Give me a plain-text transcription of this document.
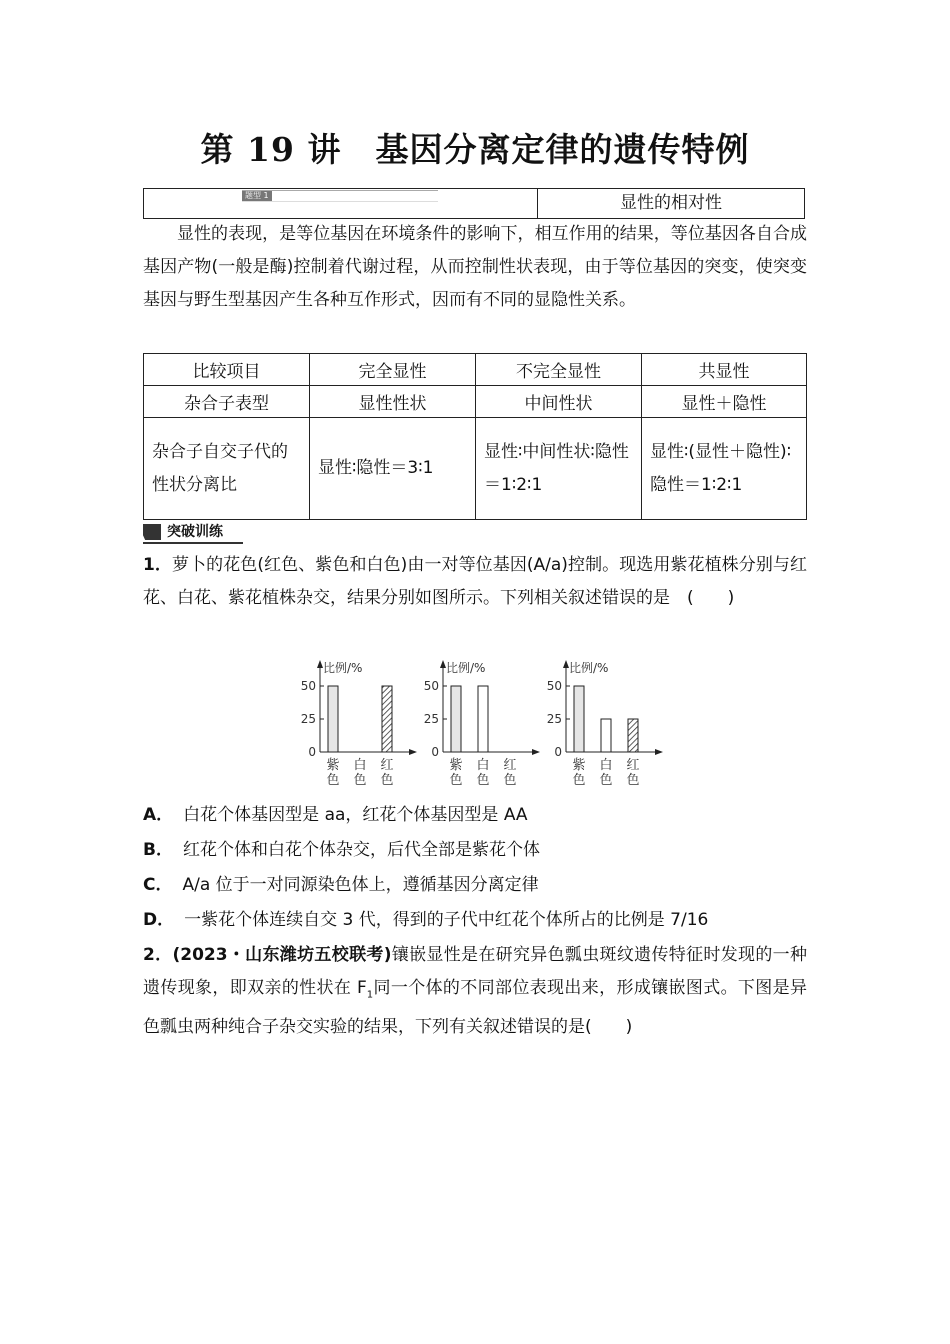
第 19 讲 基因分离定律的遗传特例
题型 1	显性的相对性
显性的表现，是等位基因在环境条件的影响下，相互作用的结果，等位基因各自合成基因产物(一般是酶)控制着代谢过程，从而控制性状表现，由于等位基因的突变，使突变基因与野生型基因产生各种互作形式，因而有不同的显隐性关系。
比较项目	完全显性	不完全显性	共显性
杂合子表型	显性性状	中间性状	显性＋隐性
杂合子自交子代的性状分离比	显性∶隐性＝3∶1	显性∶中间性状∶隐性＝1∶2∶1	显性∶(显性＋隐性)∶隐性＝1∶2∶1
突破训练
1．萝卜的花色(红色、紫色和白色)由一对等位基因(A/a)控制。现选用紫花植株分别与红花、白花、紫花植株杂交，结果分别如图所示。下列相关叙述错误的是　(　　)
比例/%
0
25
50
紫
色
白
色
红
色
比例/%
0
25
50
紫
色
白
色
红
色
比例/%
0
25
50
紫
色
白
色
红
色
A． 白花个体基因型是 aa，红花个体基因型是 AA
B． 红花个体和白花个体杂交，后代全部是紫花个体
C． A/a 位于一对同源染色体上，遵循基因分离定律
D． 一紫花个体连续自交 3 代，得到的子代中红花个体所占的比例是 7/16
2．(2023・山东潍坊五校联考)镶嵌显性是在研究异色瓢虫斑纹遗传特征时发现的一种遗传现象，即双亲的性状在 $F_1$同一个体的不同部位表现出来，形成镶嵌图式。下图是异色瓢虫两种纯合子杂交实验的结果，下列有关叙述错误的是(　　)
